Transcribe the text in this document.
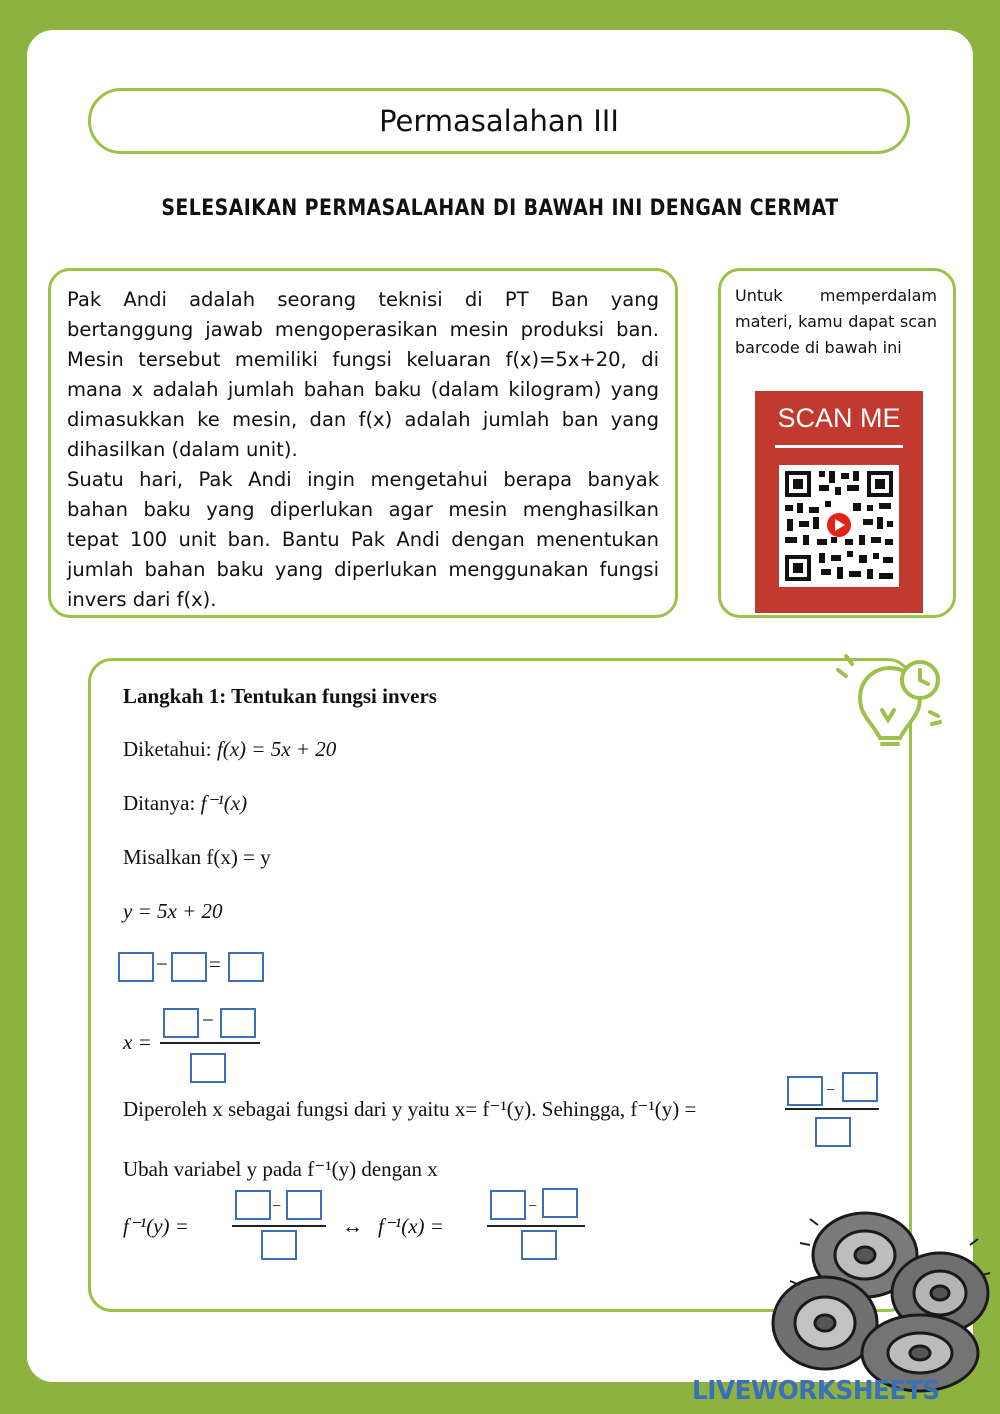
Permasalahan III
SELESAIKAN PERMASALAHAN DI BAWAH INI DENGAN CERMAT

Pak Andi adalah seorang teknisi di PT Ban yang bertanggung jawab mengoperasikan mesin produksi ban. Mesin tersebut memiliki fungsi keluaran f(x)=5x+20, di mana x adalah jumlah bahan baku (dalam kilogram) yang dimasukkan ke mesin, dan f(x) adalah jumlah ban yang dihasilkan (dalam unit).

Suatu hari, Pak Andi ingin mengetahui berapa banyak bahan baku yang diperlukan agar mesin menghasilkan tepat 100 unit ban. Bantu Pak Andi dengan menentukan jumlah bahan baku yang diperlukan menggunakan fungsi invers dari f(x).

Untuk memperdalam materi, kamu dapat scan barcode di bawah ini

SCAN ME
Langkah 1: Tentukan fungsi invers
Diketahui: f(x) = 5x + 20
Ditanya: f⁻¹(x)
Misalkan f(x) = y
y = 5x + 20
− =
x =
−
Diperoleh x sebagai fungsi dari y yaitu x= f⁻¹(y). Sehingga, f⁻¹(y) =
−
Ubah variabel y pada f⁻¹(y) dengan x
f⁻¹(y) =
−
↔ f⁻¹(x) =
−
LIVEWORKSHEETS
